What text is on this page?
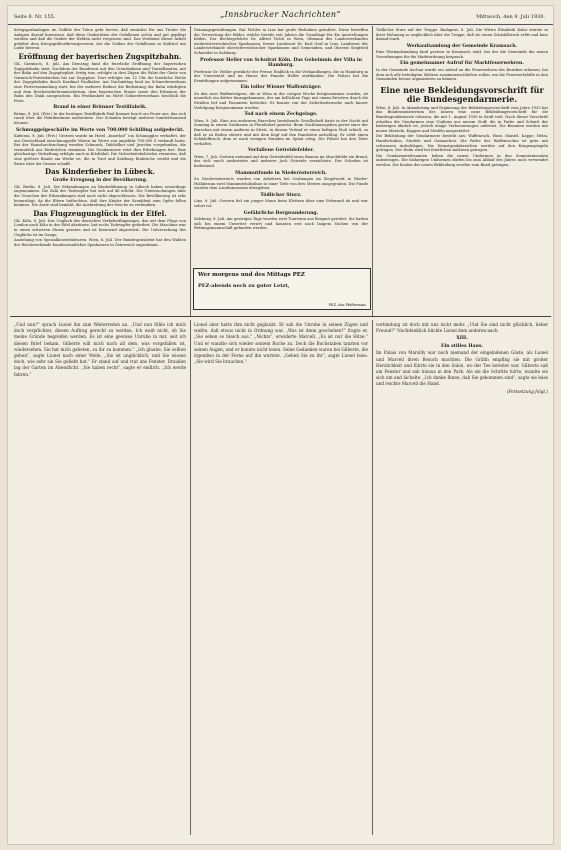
Seite 8. Nr. 155.	„Innsbrucker Nachrichten“	Mittwoch, den 9. Juli 1930.

Kriegsgrabanlagen im Gefilde der Toten geht hervor, daß zunächst für uns Tiroler die Anlagen darauf hinweisen, daß diese Grabstätten der Gefallenen schön und gut gepflegt werden und daß die Gräber der Helden nicht vergessen sind. Das Verdienst dieser Arbeit gebührt dem Kriegsgräberfürsorgeverein, der die Gräber der Gefallenen in Südtirol mit Liebe betreut.

Eröffnung der bayerischen Zugspitzbahn.

GK. Garmisch, 8. Juli. Am Dienstag fand die feierliche Eröffnung der bayerischen Zugspitzbahn statt. Nachdem der Bundesrat mit den Grenzbahnen und Tunnelbauten, mit der Bahn auf den Zugspitzplatt, fertig war, erfolgte in drei Zügen die Fahrt der Gäste von Garmisch-Partenkirchen bis zur Zugspitze. Dort erfolgte um 12 Uhr die feierliche Weihe der Zugspitzbahn durch Kardinal Faulhaber. Am Nachmittag fand im Schneefernerhaus eine Festversammlung statt, bei der mehrere Redner die Bedeutung der Bahn würdigten und dem Reichsverkehrsministerium, dem bayerischen Staate sowie den Erbauern der Bahn den Dank aussprachen. Ein Festbankett im Hotel Schneefernerhaus beschloß die Feier.

Brand in einer Brünner Textilfabrik.

Brünn, 8. Juli. (Priv.) In der heutigen Textilfabrik Paul Kramer brach ein Feuer aus, das sich rasch über die Fabriksräume ausbreitete. Der Schaden beträgt mehrere hunderttausend Kronen.

Schmuggelgeschäfte im Werte von 700.000 Schilling aufgedeckt.

Kufstein, 8. Juli. (Priv.) Gestern wurde im Hotel „Innerhof“ ein Schmuggler verhaftet, der aus Deutschland einschmuggelte Waren im Werte von ungefähr 700.000 S verkauft hatte. Bei der Hausdurchsuchung wurden Schmuck, Tafelsilber und Juwelen vorgefunden, die vermutlich aus Einbrüchen stammen. Die Gendarmerie setzt ihre Erhebungen fort. Eine gleichartige Verhaftung erfolgte auch in Kitzbühel. Die Sicherheitsbehörden vermuten, daß eine größere Bande am Werke ist, die in Tirol und Salzburg Einbrüche verübt und die Beute über die Grenze schafft.

Das Kinderfieber in Lübeck.
Große Erregung in der Bevölkerung.

GK. Berlin, 8. Juli. Die Erkrankungen an Kinderlähmung in Lübeck haben neuerdings zugenommen. Die Zahl der Todesopfer hat sich auf 46 erhöht. Die Untersuchungen über die Ursachen der Erkrankungen sind noch nicht abgeschlossen. Die Bevölkerung ist sehr beunruhigt, da die Eltern befürchten, daß ihre Kinder der Krankheit zum Opfer fallen könnten. Die Ärzte sind bemüht, die Ausbreitung der Seuche zu verhindern.

Das Flugzeugunglück in der Eifel.

GK. Köln, 8. Juli. Das Unglück des deutschen Verkehrsflugzeuges, das auf dem Fluge von London nach Köln in der Eifel abstürzte, hat sechs Todesopfer gefordert. Die Maschine war in einen schweren Sturm geraten und ist brennend abgestürzt. Die Untersuchung des Unglücks ist im Gange.

Anziehung von Spezialkonstrukteuren. Wien, 8. Juli. Der Bundespräsident hat den Wahlen der Reichsverbände bundesstaatlicher Sparkassen in Österreich zugestimmt.

Deinungsgestaltungen. Rat Pichler in Linz hat große Bedenken geäußert. Diese betreffen die Verwertung der Bilder, welche bereits seit Jahren die Grundlage für die Ausstellungen bilden. Der Rechtsgelehrte Dr. Alfred Tichti in Wien, Obmann des Landesverbandes niederösterreichischer Sparkassen, ferner Landesrat Dr. Karl Graf in Linz, Landesrat der Landesverbände oberösterreichischer Sparkassen und Gemeinden, und Oberrat Siegfried Schneider in Salzburg.

Professor Heller von Schulrat Köln. Das Geheimnis der Villa in Hamburg.

Professor Dr. Heller gewährte der Presse Einblick in die Verhandlungen, die in Hamburg in der Universität und im Hause der Familie Heller stattfanden. Die Polizei hat die Ermittlungen aufgenommen.

Ein toller Wiener Waffenträger.

Zu den zwei Waffenträgern, die in Wien in der vorigen Woche festgenommen wurden, ist neuerlich ein dritter hinzugekommen, der am hellichten Tage mit einem Revolver durch die Straßen lief und Passanten bedrohte. Er konnte von der Sicherheitswache nach kurzer Verfolgung festgenommen werden.

Tod nach einem Zechgelage.

Wien, 8. Juli. Eine aus mehreren Burschen bestehende Gesellschaft hatte in der Nacht auf Sonntag in einem Gasthause in Floridsdorf gezecht. Beim Nachhausegehen geriet einer der Burschen mit einem anderen in Streit, in dessen Verlauf er einen heftigen Stoß erhielt, so daß er zu Boden stürzte und mit dem Kopf auf den Randstein aufschlug. Er erlitt einen Schädelbruch, dem er nach wenigen Stunden im Spital erlag. Die Polizei hat den Täter verhaftet.

Verfallene Getreidefelder.

Wien, 7. Juli. Gestern entstand auf dem Getreidefeld eines Bauern im Marchfelde ein Brand, der sich rasch ausbreitete und mehrere Joch Getreide vernichtete. Der Schaden ist bedeutend.

Mammutfunde in Niederösterreich.

Zu Niederösterreich wurden von Arbeitern bei Grabungen im Ziegelwerk in Nieder-Hollabrunn zwei Mammutstoßzähne in einer Tiefe von drei Metern ausgegraben. Die Funde wurden dem Landesmuseum übergeben.

Tödlicher Sturz.

Linz, 8. Juli. Gestern fiel ein junger Mann beim Klettern über eine Felswand ab und war sofort tot.

Gefährliche Bergwanderung.

Salzburg, 8. Juli. Am gestrigen Tage wurden zwei Touristen aus Bergnot gerettet. Sie hatten sich bei einem Unwetter verirrt und konnten erst nach langem Suchen von der Rettungsmannschaft gefunden werden.

Wer morgens und des Mittags PEZ
PEZ-abends noch zu guter Letzt,
PEZ, das Pfefferminz

Tödlicher Sturz auf der Treppe. Budapest, 8. Juli. Die Witwe Elisabeth Kolar stürzte in ihrer Wohnung so unglücklich über die Treppe, daß sie einen Schädelbruch erlitt und kurz darauf starb.

Werkaufsamlung der Gemeinde Kramsach.

Eine Werkaufsamlung fand gestern in Kramsach statt, bei der die Gemeinde die neuen Verordnungen für die Marktordnung besprach.

Ein gemeinsamer Aufruf für Marktfeuerwehren.

In der Gemeinde Aschau wurde ein Aufruf an die Feuerwehren des Bezirkes erlassen, bei dem sich alle beteiligten Wehren zusammenschließen sollen, um die Feuerwehrhilfe in den Gemeinden besser organisieren zu können.

Eine neue Bekleidungsvorschrift für die Bundesgendarmerie.

Wien, 8. Juli. In Abänderung und Ergänzung der Bekleidungsvorschrift vom Jahre 1925 hat das Bundesministerium des Innern eine neue Bekleidungsvorschrift für die Bundesgendarmerie erlassen, die mit 1. August 1930 in Kraft tritt. Nach dieser Vorschrift erhalten die Gendarmen eine Uniform aus neuem Stoff, die in Farbe und Schnitt der bisherigen ähnlich ist, jedoch einige Verbesserungen aufweist. Die Beamten werden mit neuen Mänteln, Kappen und Stiefeln ausgestattet.

Die Bekleidung der Gendarmerie besteht aus: Waffenrock, Hose, Mantel, Kappe, Helm, Handschuhen, Stiefeln und Gamaschen. Die Farbe des Waffenrockes ist grün mit schwarzen Aufschlägen. Die Dienstgradabzeichen werden auf den Kragenspiegeln getragen. Der Helm wird bei feierlichen Anlässen getragen.

Die Gendarmeriebeamten haben die neuen Uniformen in den Sommermonaten aufzutragen. Die bisherigen Uniformen dürfen bis zum Ablauf des Jahres noch verwendet werden. Die Kosten der neuen Bekleidung werden vom Bund getragen.

„Und nun?“ sprach Lionel ihn zum Weiterreden an. „Und nun fühle ich mich doch verpflichtet, diesen Auftrag gerecht zu werden. Ich weiß nicht, ob Sie meine Gründe begreifen werden. Es ist eine gewisse Unruhe in mir, seit ich diesen Brief bekam. Gilberte will mich nach all dem, was vorgefallen ist, wiedersehen. Sie hat mich gebeten, zu ihr zu kommen.“ „Ich glaube, Sie sollten gehen“, sagte Lionel nach einer Weile. „Sie ist unglücklich, und Sie wissen doch, wie sehr sie Sie geliebt hat.“ Er stand auf und trat ans Fenster. Draußen lag der Garten im Abendlicht. „Sie haben recht“, sagte er endlich. „Ich werde fahren.“

Lionel aber hatte ihm nicht geglaubt. Er sah die Unruhe in seinen Zügen und wußte, daß etwas nicht in Ordnung war. „Was ist denn geschehen?“ fragte er. „Sie sehen so bleich aus.“ „Nichts“, erwiderte Marcell. „Es ist nur die Hitze.“ Und er wandte sich wieder seinem Buche zu. Doch die Buchstaben tanzten vor seinen Augen, und er konnte nicht lesen. Seine Gedanken waren bei Gilberte, die irgendwo in der Ferne auf ihn wartete. „Gehen Sie zu ihr“, sagte Lionel leise. „Sie wird Sie brauchen.“

verbindung ist doch mit uns nicht mehr. „Und Sie sind nicht glücklich, lieber Freund?“ Nachdenklich blickte Lionel dem anderen nach.

XIII.
Ein stilles Haus.

Im Palais von Marsilly war noch niemand der eingeladenen Gäste, als Lionel und Marcell ihren Besuch machten. Die Gräfin empfing sie mit großer Herzlichkeit und führte sie in den Salon, wo der Tee bereitet war. Gilberte saß am Fenster und sah hinaus in den Park. Als sie die Schritte hörte, wandte sie sich um und lächelte. „Ich danke Ihnen, daß Sie gekommen sind“, sagte sie leise und reichte Marcell die Hand.

(Fortsetzung folgt.)
